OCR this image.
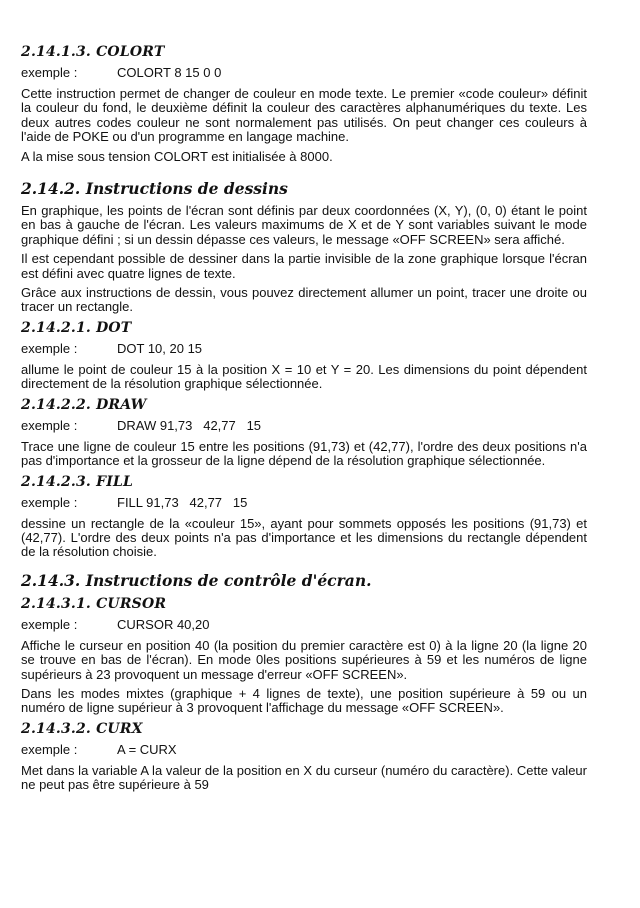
2.14.1.3. COLORT
exemple :	COLORT 8 15 0 0

Cette instruction permet de changer de couleur en mode texte. Le premier «code couleur» définit la couleur du fond, le deuxième définit la couleur des caractères alphanumériques du texte. Les deux autres codes couleur ne sont normalement pas utilisés. On peut changer ces couleurs à l'aide de POKE ou d'un programme en langage machine.

A la mise sous tension COLORT est initialisée à 8000.

2.14.2. Instructions de dessins

En graphique, les points de l'écran sont définis par deux coordonnées (X, Y), (0, 0) étant le point en bas à gauche de l'écran. Les valeurs maximums de X et de Y sont variables suivant le mode graphique défini ; si un dessin dépasse ces valeurs, le message «OFF SCREEN» sera affiché.

Il est cependant possible de dessiner dans la partie invisible de la zone graphique lorsque l'écran est défini avec quatre lignes de texte.

Grâce aux instructions de dessin, vous pouvez directement allumer un point, tracer une droite ou tracer un rectangle.

2.14.2.1. DOT
exemple :	DOT 10, 20 15

allume le point de couleur 15 à la position X = 10 et Y = 20. Les dimensions du point dépendent directement de la résolution graphique sélectionnée.

2.14.2.2. DRAW
exemple :	DRAW 91,73   42,77   15

Trace une ligne de couleur 15 entre les positions (91,73) et (42,77), l'ordre des deux positions n'a pas d'importance et la grosseur de la ligne dépend de la résolution graphique sélectionnée.

2.14.2.3. FILL
exemple :	FILL 91,73   42,77   15

dessine un rectangle de la «couleur 15», ayant pour sommets opposés les positions (91,73) et (42,77). L'ordre des deux points n'a pas d'importance et les dimensions du rectangle dépendent de la résolution choisie.

2.14.3. Instructions de contrôle d'écran.
2.14.3.1. CURSOR
exemple :	CURSOR 40,20

Affiche le curseur en position 40 (la position du premier caractère est 0) à la ligne 20 (la ligne 20 se trouve en bas de l'écran). En mode 0les positions supérieures à 59 et les numéros de ligne supérieurs à 23 provoquent un message d'erreur «OFF SCREEN».

Dans les modes mixtes (graphique + 4 lignes de texte), une position supérieure à 59 ou un numéro de ligne supérieur à 3 provoquent l'affichage du message «OFF SCREEN».

2.14.3.2. CURX
exemple :	A = CURX

Met dans la variable A la valeur de la position en X du curseur (numéro du caractère). Cette valeur ne peut pas être supérieure à 59
